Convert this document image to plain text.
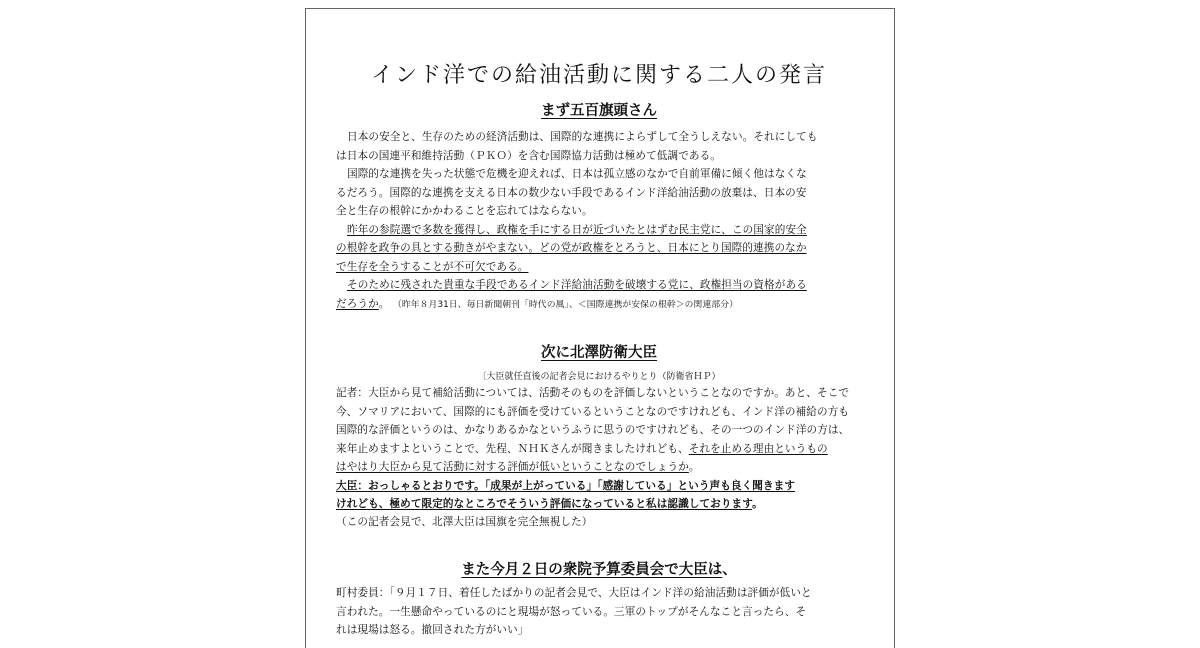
インド洋での給油活動に関する二人の発言
まず五百旗頭さん
日本の安全と、生存のための経済活動は、国際的な連携によらずして全うしえない。それにしても
は日本の国連平和維持活動（ＰＫＯ）を含む国際協力活動は極めて低調である。
国際的な連携を失った状態で危機を迎えれば、日本は孤立感のなかで自前軍備に傾く他はなくな
るだろう。国際的な連携を支える日本の数少ない手段であるインド洋給油活動の放棄は、日本の安
全と生存の根幹にかかわることを忘れてはならない。
昨年の参院選で多数を獲得し、政権を手にする日が近づいたとはずむ民主党に、この国家的安全
の根幹を政争の具とする動きがやまない。どの党が政権をとろうと、日本にとり国際的連携のなか
で生存を全うすることが不可欠である。
そのために残された貴重な手段であるインド洋給油活動を破壊する党に、政権担当の資格がある
だろうか。 （昨年８月31日、毎日新聞朝刊「時代の風」、＜国際連携が安保の根幹＞の関連部分）
次に北澤防衛大臣
〔大臣就任直後の記者会見におけるやりとり（防衛省ＨＰ）
記者：大臣から見て補給活動については、活動そのものを評価しないということなのですか。あと、そこで
今、ソマリアにおいて、国際的にも評価を受けているということなのですけれども、インド洋の補給の方も
国際的な評価というのは、かなりあるかなというふうに思うのですけれども、その一つのインド洋の方は、
来年止めますよということで、先程、ＮＨＫさんが聞きましたけれども、それを止める理由というもの
はやはり大臣から見て活動に対する評価が低いということなのでしょうか。
大臣：おっしゃるとおりです。「成果が上がっている」「感謝している」という声も良く聞きます
けれども、極めて限定的なところでそういう評価になっていると私は認識しております。
（この記者会見で、北澤大臣は国旗を完全無視した）
また今月２日の衆院予算委員会で大臣は、
町村委員：「９月１７日、着任したばかりの記者会見で、大臣はインド洋の給油活動は評価が低いと
言われた。一生懸命やっているのにと現場が怒っている。三軍のトップがそんなこと言ったら、そ
れは現場は怒る。撤回された方がいい」
